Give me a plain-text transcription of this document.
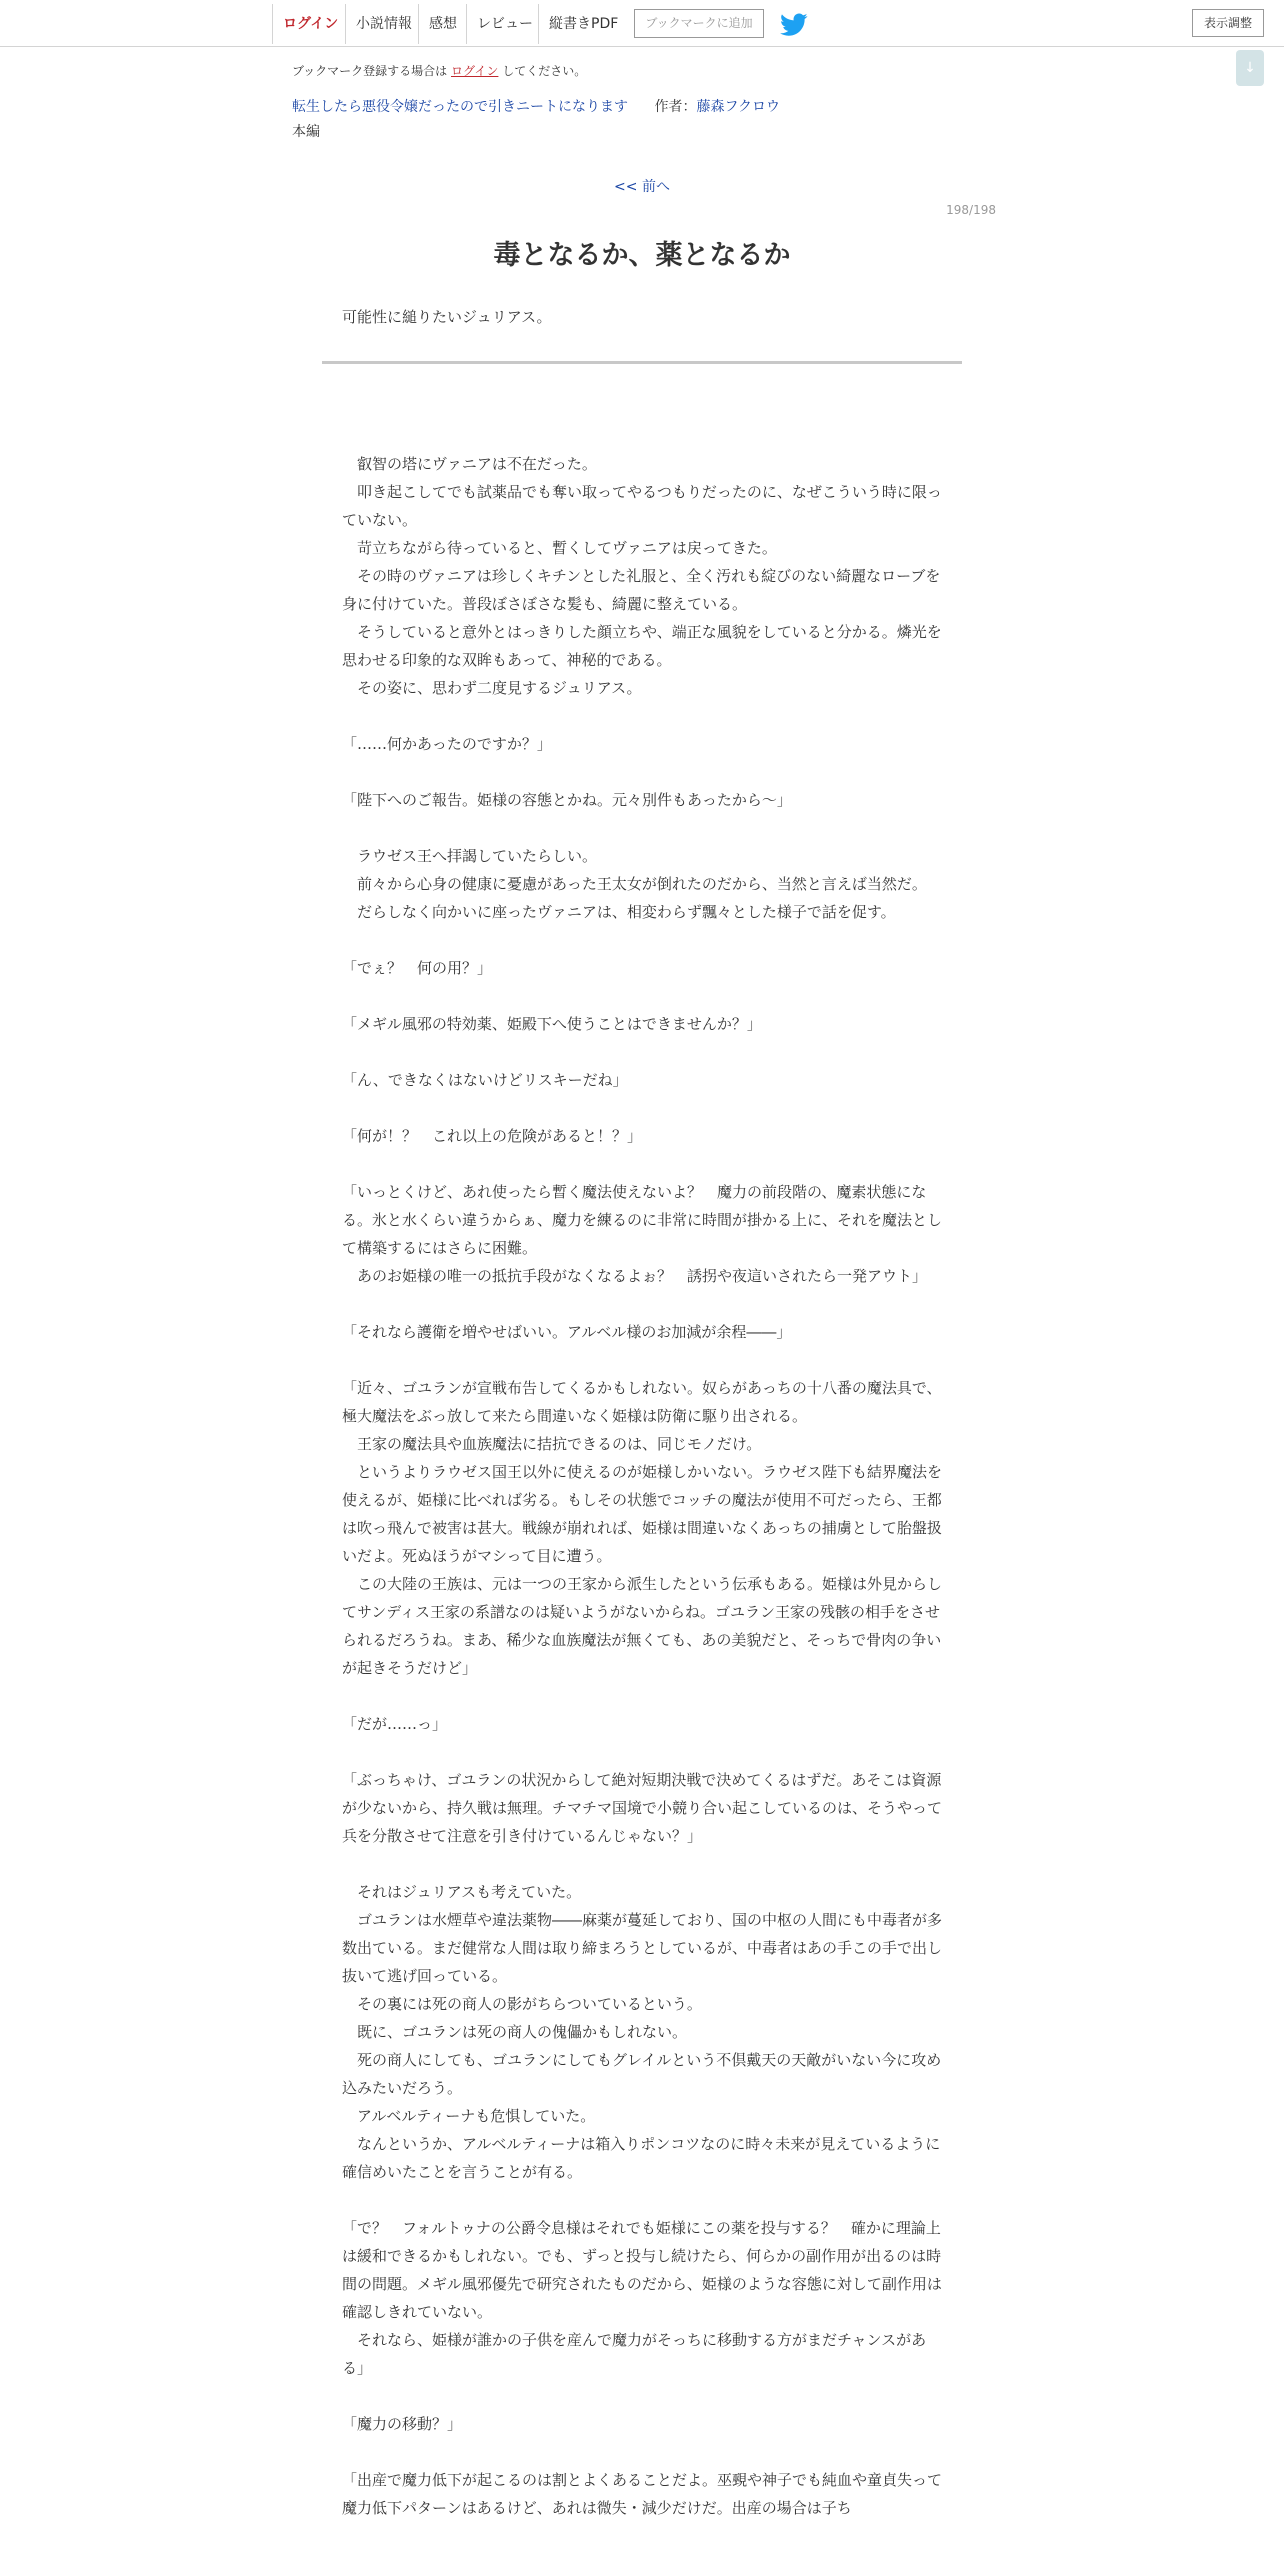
ログイン	小説情報	感想	レビュー	縦書きPDF	ブックマークに追加	表示調整
↓
ブックマーク登録する場合は ログイン してください。
転生したら悪役令嬢だったので引きニートになります 作者：藤森フクロウ
本編
<< 前へ
198/198
毒となるか、薬となるか
可能性に縋りたいジュリアス。

　叡智の塔にヴァニアは不在だった。

　叩き起こしてでも試薬品でも奪い取ってやるつもりだったのに、なぜこういう時に限っていない。

　苛立ちながら待っていると、暫くしてヴァニアは戻ってきた。

　その時のヴァニアは珍しくキチンとした礼服と、全く汚れも綻びのない綺麗なローブを身に付けていた。普段ぼさぼさな髪も、綺麗に整えている。

　そうしていると意外とはっきりした顔立ちや、端正な風貌をしていると分かる。燐光を思わせる印象的な双眸もあって、神秘的である。

　その姿に、思わず二度見するジュリアス。

「……何かあったのですか？」

「陛下へのご報告。姫様の容態とかね。元々別件もあったから～」

　ラウゼス王へ拝謁していたらしい。

　前々から心身の健康に憂慮があった王太女が倒れたのだから、当然と言えば当然だ。

　だらしなく向かいに座ったヴァニアは、相変わらず飄々とした様子で話を促す。

「でぇ？　何の用？」

「メギル風邪の特効薬、姫殿下へ使うことはできませんか？」

「ん、できなくはないけどリスキーだね」

「何が！？　これ以上の危険があると！？」

「いっとくけど、あれ使ったら暫く魔法使えないよ？　魔力の前段階の、魔素状態になる。氷と水くらい違うからぁ、魔力を練るのに非常に時間が掛かる上に、それを魔法として構築するにはさらに困難。

　あのお姫様の唯一の抵抗手段がなくなるよぉ？　誘拐や夜這いされたら一発アウト」

「それなら護衛を増やせばいい。アルベル様のお加減が余程――」

「近々、ゴユランが宣戦布告してくるかもしれない。奴らがあっちの十八番の魔法具で、極大魔法をぶっ放して来たら間違いなく姫様は防衛に駆り出される。

　王家の魔法具や血族魔法に拮抗できるのは、同じモノだけ。

　というよりラウゼス国王以外に使えるのが姫様しかいない。ラウゼス陛下も結界魔法を使えるが、姫様に比べれば劣る。もしその状態でコッチの魔法が使用不可だったら、王都は吹っ飛んで被害は甚大。戦線が崩れれば、姫様は間違いなくあっちの捕虜として胎盤扱いだよ。死ぬほうがマシって目に遭う。

　この大陸の王族は、元は一つの王家から派生したという伝承もある。姫様は外見からしてサンディス王家の系譜なのは疑いようがないからね。ゴユラン王家の残骸の相手をさせられるだろうね。まあ、稀少な血族魔法が無くても、あの美貌だと、そっちで骨肉の争いが起きそうだけど」

「だが……っ」

「ぶっちゃけ、ゴユランの状況からして絶対短期決戦で決めてくるはずだ。あそこは資源が少ないから、持久戦は無理。チマチマ国境で小競り合い起こしているのは、そうやって兵を分散させて注意を引き付けているんじゃない？」

　それはジュリアスも考えていた。

　ゴユランは水煙草や違法薬物――麻薬が蔓延しており、国の中枢の人間にも中毒者が多数出ている。まだ健常な人間は取り締まろうとしているが、中毒者はあの手この手で出し抜いて逃げ回っている。

　その裏には死の商人の影がちらついているという。

　既に、ゴユランは死の商人の傀儡かもしれない。

　死の商人にしても、ゴユランにしてもグレイルという不倶戴天の天敵がいない今に攻め込みたいだろう。

　アルベルティーナも危惧していた。

　なんというか、アルベルティーナは箱入りポンコツなのに時々未来が見えているように確信めいたことを言うことが有る。

「で？　フォルトゥナの公爵令息様はそれでも姫様にこの薬を投与する？　確かに理論上は緩和できるかもしれない。でも、ずっと投与し続けたら、何らかの副作用が出るのは時間の問題。メギル風邪優先で研究されたものだから、姫様のような容態に対して副作用は確認しきれていない。

　それなら、姫様が誰かの子供を産んで魔力がそっちに移動する方がまだチャンスがある」

「魔力の移動？」

「出産で魔力低下が起こるのは割とよくあることだよ。巫覡や神子でも純血や童貞失って魔力低下パターンはあるけど、あれは微失・減少だけだ。出産の場合は子ち
